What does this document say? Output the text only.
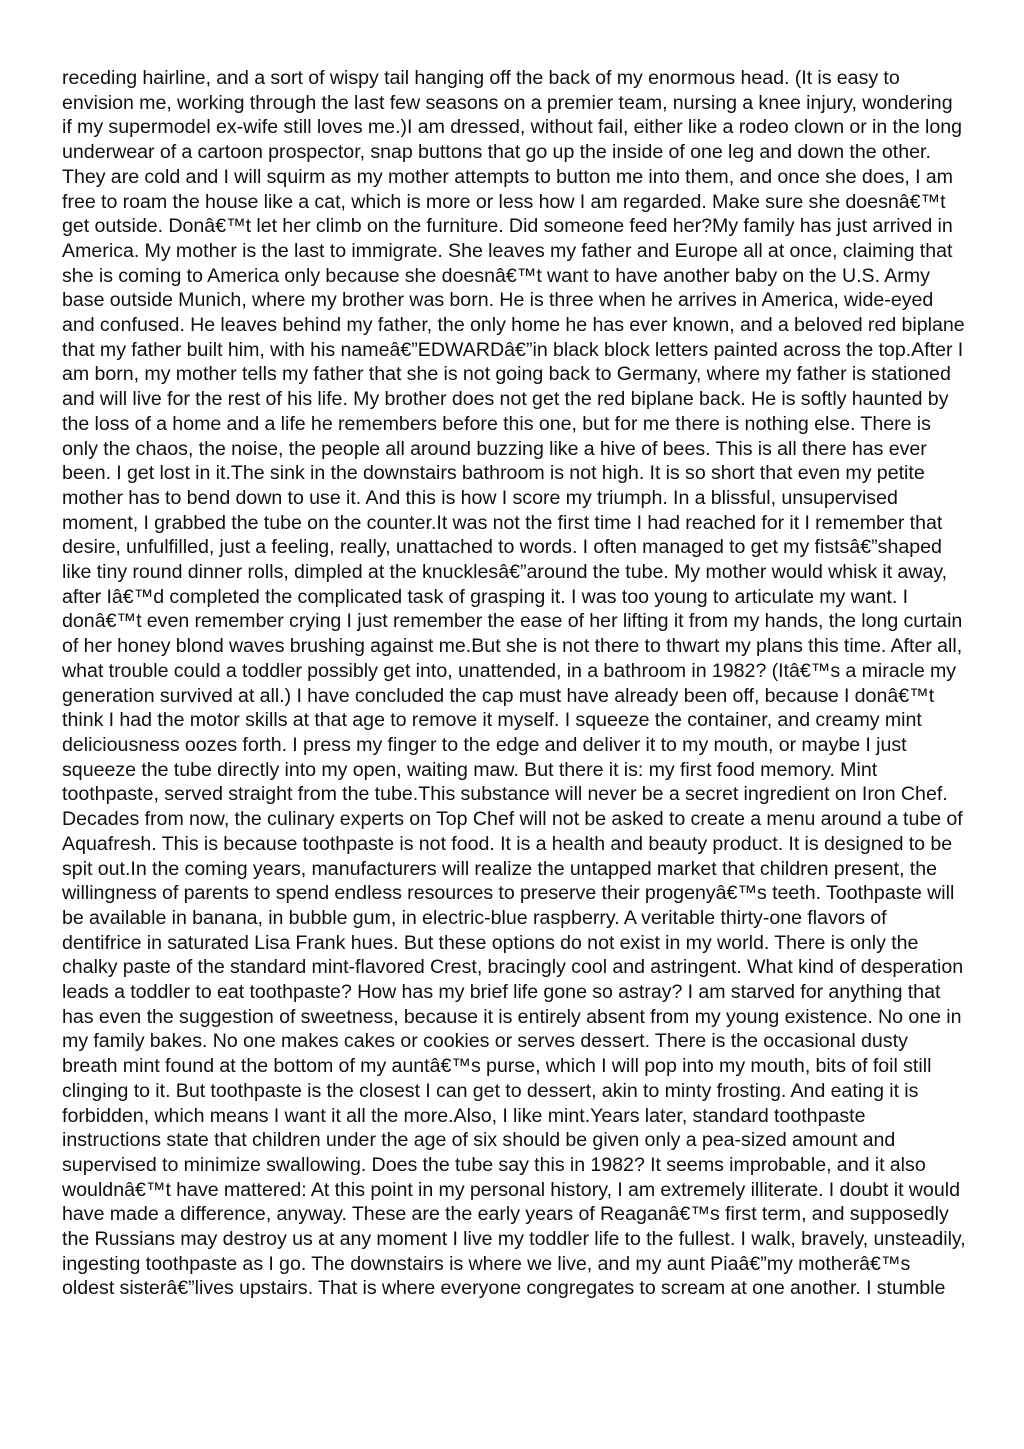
receding hairline, and a sort of wispy tail hanging off the back of my enormous head. (It is easy to envision me, working through the last few seasons on a premier team, nursing a knee injury, wondering if my supermodel ex-wife still loves me.)I am dressed, without fail, either like a rodeo clown or in the long underwear of a cartoon prospector, snap buttons that go up the inside of one leg and down the other. They are cold and I will squirm as my mother attempts to button me into them, and once she does, I am free to roam the house like a cat, which is more or less how I am regarded. Make sure she doesnâ€™t get outside. Donâ€™t let her climb on the furniture. Did someone feed her?My family has just arrived in America. My mother is the last to immigrate. She leaves my father and Europe all at once, claiming that she is coming to America only because she doesnâ€™t want to have another baby on the U.S. Army base outside Munich, where my brother was born. He is three when he arrives in America, wide-eyed and confused. He leaves behind my father, the only home he has ever known, and a beloved red biplane that my father built him, with his nameâ€”EDWARDâ€”in black block letters painted across the top.After I am born, my mother tells my father that she is not going back to Germany, where my father is stationed and will live for the rest of his life. My brother does not get the red biplane back. He is softly haunted by the loss of a home and a life he remembers before this one, but for me there is nothing else. There is only the chaos, the noise, the people all around buzzing like a hive of bees. This is all there has ever been. I get lost in it.The sink in the downstairs bathroom is not high. It is so short that even my petite mother has to bend down to use it. And this is how I score my triumph. In a blissful, unsupervised moment, I grabbed the tube on the counter.It was not the first time I had reached for it I remember that desire, unfulfilled, just a feeling, really, unattached to words. I often managed to get my fistsâ€”shaped like tiny round dinner rolls, dimpled at the knucklesâ€”around the tube. My mother would whisk it away, after Iâ€™d completed the complicated task of grasping it. I was too young to articulate my want. I donâ€™t even remember crying I just remember the ease of her lifting it from my hands, the long curtain of her honey blond waves brushing against me.But she is not there to thwart my plans this time. After all, what trouble could a toddler possibly get into, unattended, in a bathroom in 1982? (Itâ€™s a miracle my generation survived at all.) I have concluded the cap must have already been off, because I donâ€™t think I had the motor skills at that age to remove it myself. I squeeze the container, and creamy mint deliciousness oozes forth. I press my finger to the edge and deliver it to my mouth, or maybe I just squeeze the tube directly into my open, waiting maw. But there it is: my first food memory. Mint toothpaste, served straight from the tube.This substance will never be a secret ingredient on Iron Chef. Decades from now, the culinary experts on Top Chef will not be asked to create a menu around a tube of Aquafresh. This is because toothpaste is not food. It is a health and beauty product. It is designed to be spit out.In the coming years, manufacturers will realize the untapped market that children present, the willingness of parents to spend endless resources to preserve their progenyâ€™s teeth. Toothpaste will be available in banana, in bubble gum, in electric-blue raspberry. A veritable thirty-one flavors of dentifrice in saturated Lisa Frank hues. But these options do not exist in my world. There is only the chalky paste of the standard mint-flavored Crest, bracingly cool and astringent. What kind of desperation leads a toddler to eat toothpaste? How has my brief life gone so astray? I am starved for anything that has even the suggestion of sweetness, because it is entirely absent from my young existence. No one in my family bakes. No one makes cakes or cookies or serves dessert. There is the occasional dusty breath mint found at the bottom of my auntâ€™s purse, which I will pop into my mouth, bits of foil still clinging to it. But toothpaste is the closest I can get to dessert, akin to minty frosting. And eating it is forbidden, which means I want it all the more.Also, I like mint.Years later, standard toothpaste instructions state that children under the age of six should be given only a pea-sized amount and supervised to minimize swallowing. Does the tube say this in 1982? It seems improbable, and it also wouldnâ€™t have mattered: At this point in my personal history, I am extremely illiterate. I doubt it would have made a difference, anyway. These are the early years of Reaganâ€™s first term, and supposedly the Russians may destroy us at any moment I live my toddler life to the fullest. I walk, bravely, unsteadily, ingesting toothpaste as I go. The downstairs is where we live, and my aunt Piaâ€”my motherâ€™s oldest sisterâ€”lives upstairs. That is where everyone congregates to scream at one another. I stumble
